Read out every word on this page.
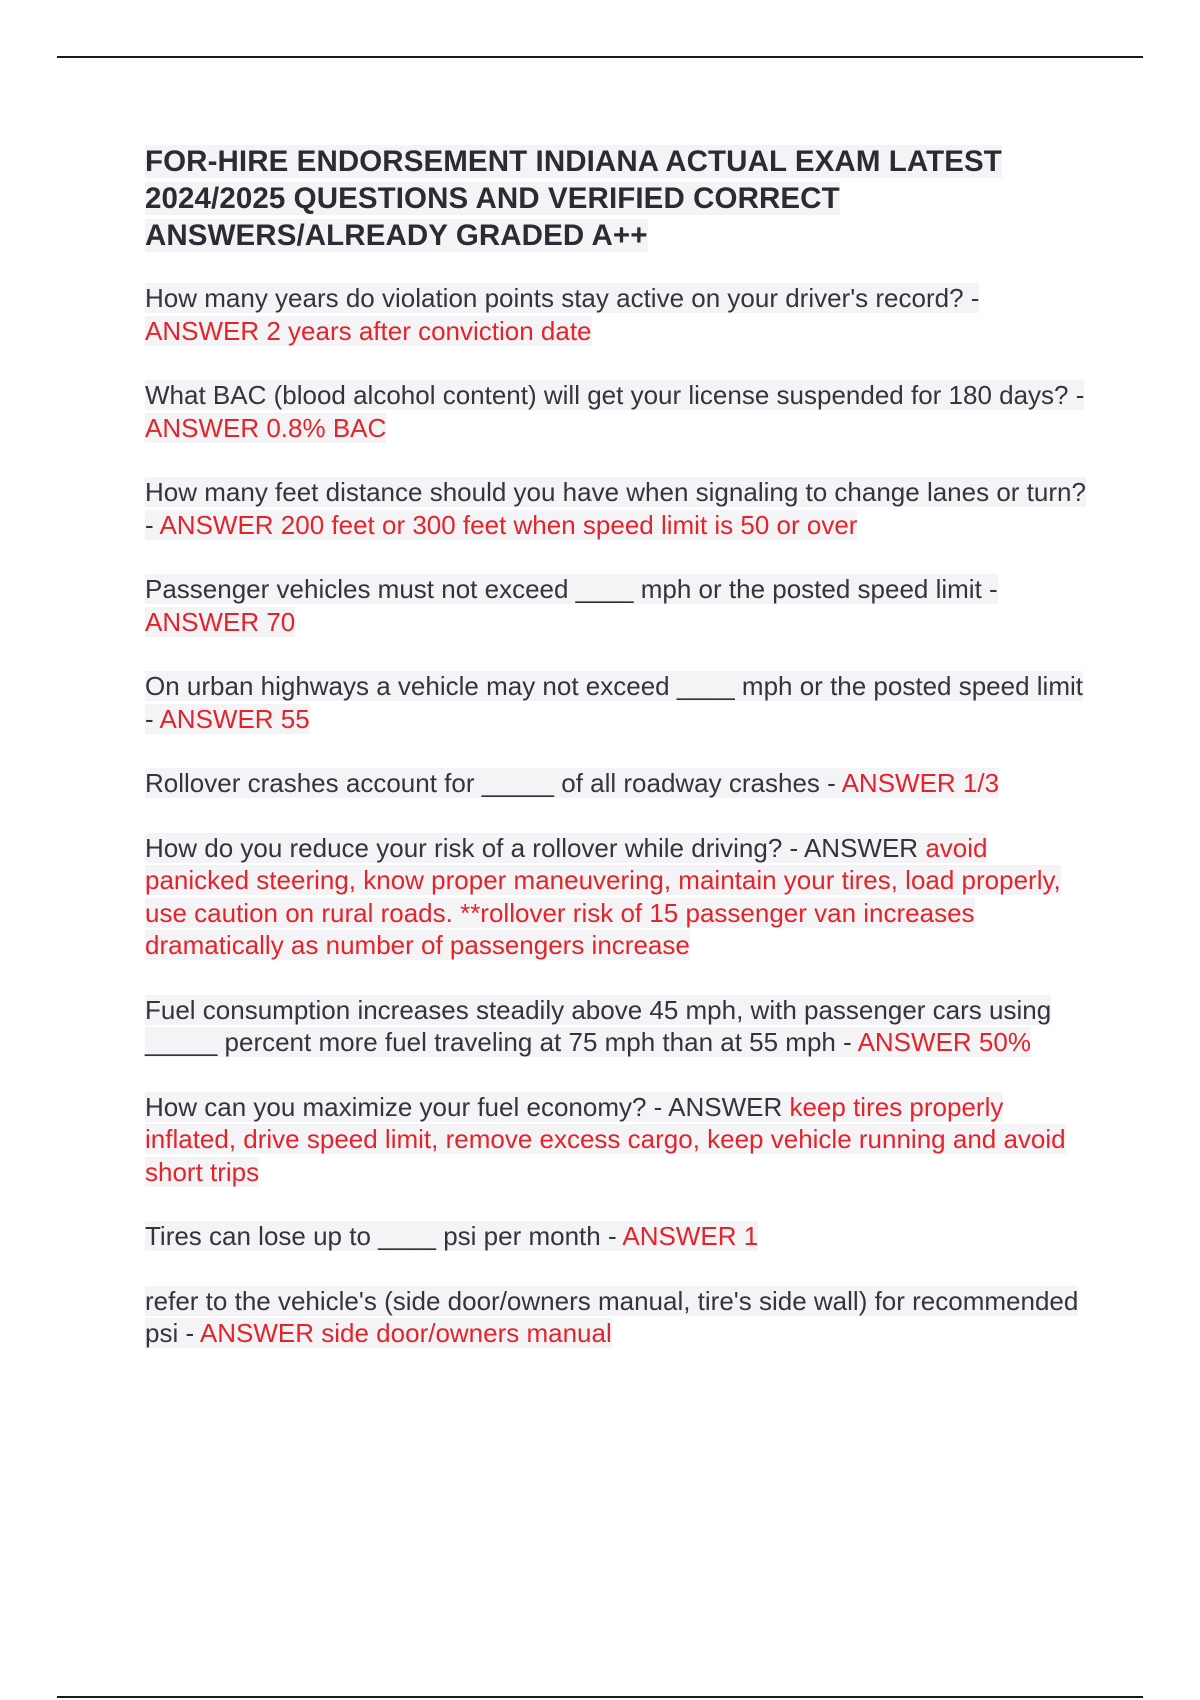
FOR-HIRE ENDORSEMENT INDIANA ACTUAL EXAM LATEST 2024/2025 QUESTIONS AND VERIFIED CORRECT ANSWERS/ALREADY GRADED A++

How many years do violation points stay active on your driver's record? - ANSWER 2 years after conviction date

What BAC (blood alcohol content) will get your license suspended for 180 days? - ANSWER 0.8% BAC

How many feet distance should you have when signaling to change lanes or turn? - ANSWER 200 feet or 300 feet when speed limit is 50 or over

Passenger vehicles must not exceed ____ mph or the posted speed limit - ANSWER 70

On urban highways a vehicle may not exceed ____ mph or the posted speed limit - ANSWER 55

Rollover crashes account for _____ of all roadway crashes - ANSWER 1/3

How do you reduce your risk of a rollover while driving? - ANSWER avoid panicked steering, know proper maneuvering, maintain your tires, load properly, use caution on rural roads. **rollover risk of 15 passenger van increases dramatically as number of passengers increase

Fuel consumption increases steadily above 45 mph, with passenger cars using _____ percent more fuel traveling at 75 mph than at 55 mph - ANSWER 50%

How can you maximize your fuel economy? - ANSWER keep tires properly inflated, drive speed limit, remove excess cargo, keep vehicle running and avoid short trips

Tires can lose up to ____ psi per month - ANSWER 1

refer to the vehicle's (side door/owners manual, tire's side wall) for recommended psi - ANSWER side door/owners manual
